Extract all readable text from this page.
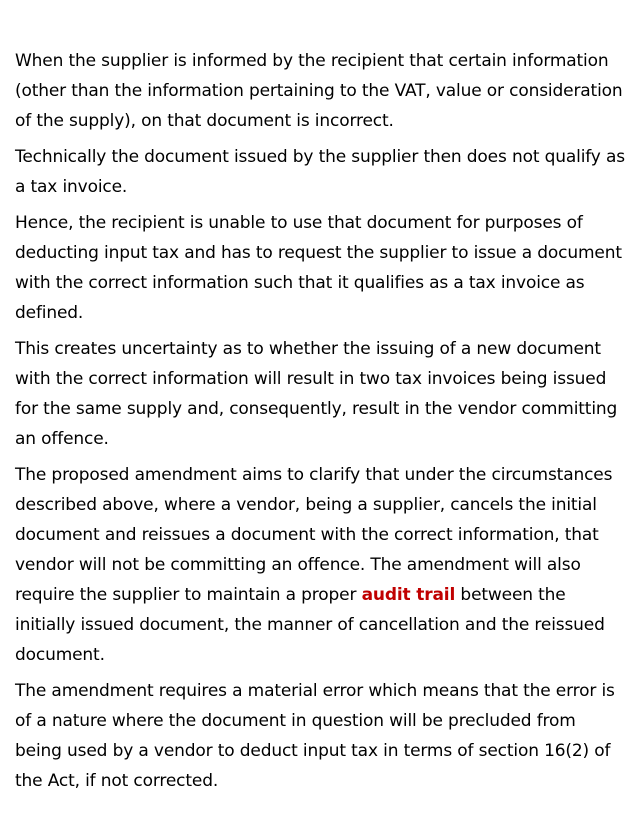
When the supplier is informed by the recipient that certain information (other than the information pertaining to the VAT, value or consideration of the supply), on that document is incorrect.

Technically the document issued by the supplier then does not qualify as a tax invoice.

Hence, the recipient is unable to use that document for purposes of deducting input tax and has to request the supplier to issue a document with the correct information such that it qualifies as a tax invoice as defined.

This creates uncertainty as to whether the issuing of a new document with the correct information will result in two tax invoices being issued for the same supply and, consequently, result in the vendor committing an offence.

The proposed amendment aims to clarify that under the circumstances described above, where a vendor, being a supplier, cancels the initial document and reissues a document with the correct information, that vendor will not be committing an offence. The amendment will also require the supplier to maintain a proper audit trail between the initially issued document, the manner of cancellation and the reissued document.

The amendment requires a material error which means that the error is of a nature where the document in question will be precluded from being used by a vendor to deduct input tax in terms of section 16(2) of the Act, if not corrected.
